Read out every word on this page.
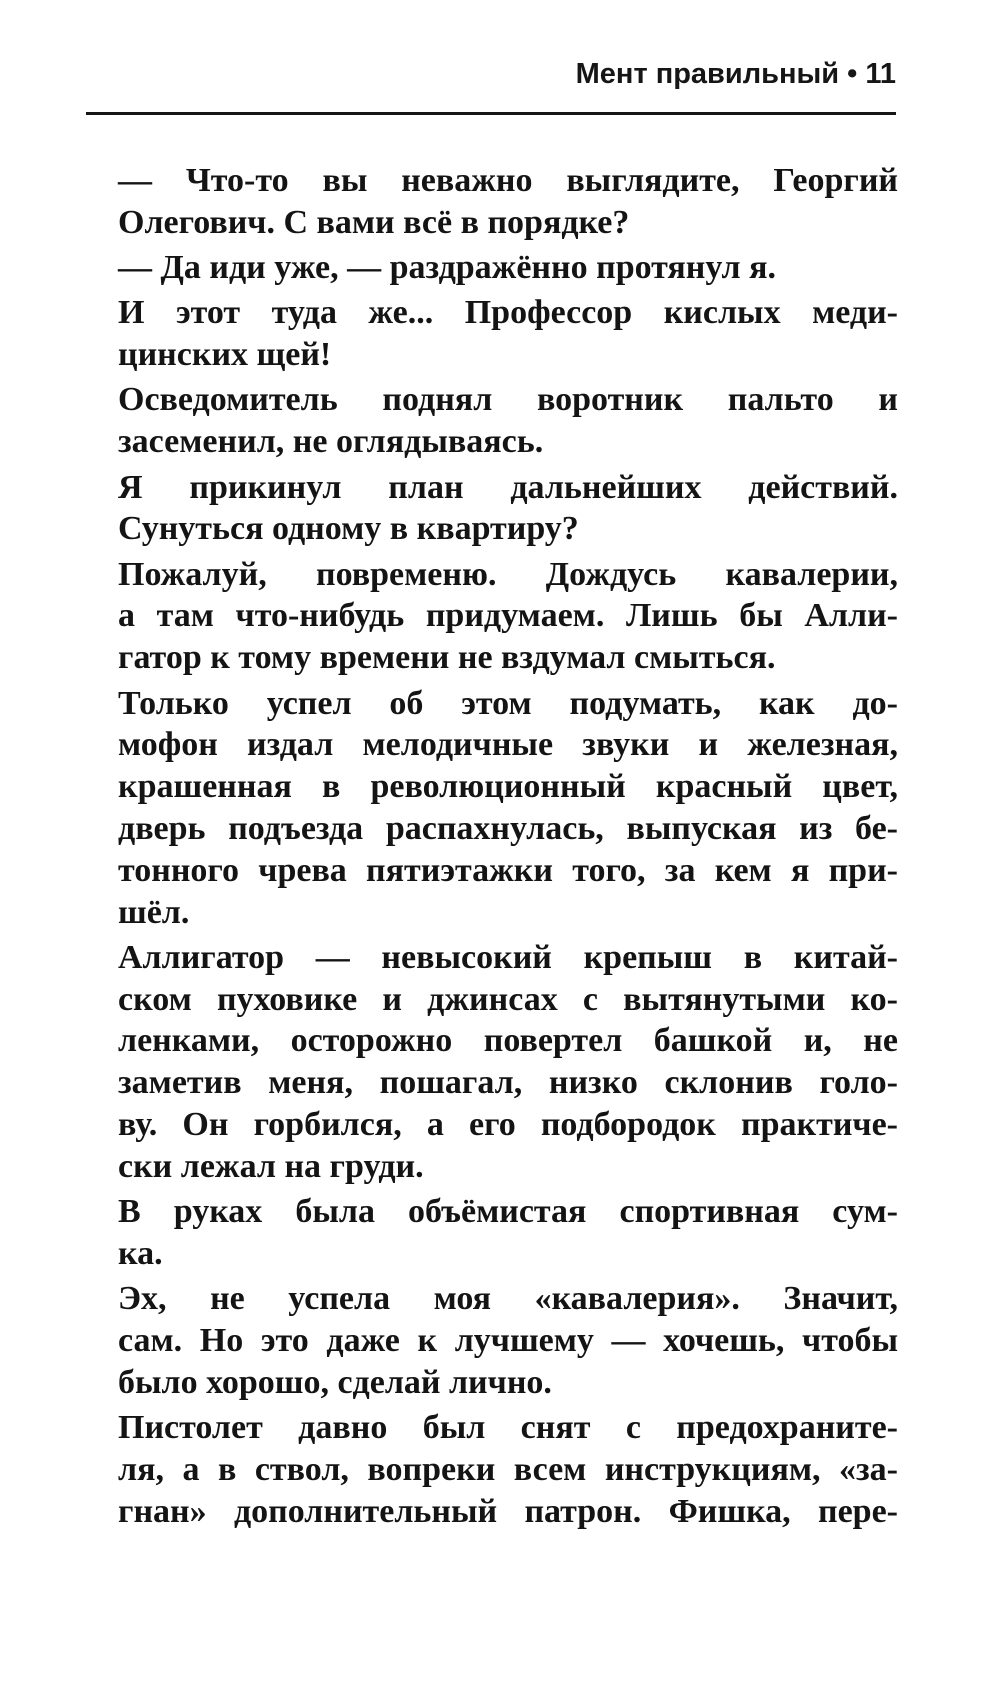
Мент правильный • 11
— Что-то вы неважно выглядите, Георгий
Олегович. С вами всё в порядке?
— Да иди уже, — раздражённо протянул я.
И этот туда же... Профессор кислых меди-
цинских щей!
Осведомитель поднял воротник пальто и
засеменил, не оглядываясь.
Я прикинул план дальнейших действий.
Сунуться одному в квартиру?
Пожалуй, повременю. Дождусь кавалерии,
а там что-нибудь придумаем. Лишь бы Алли-
гатор к тому времени не вздумал смыться.
Только успел об этом подумать, как до-
мофон издал мелодичные звуки и железная,
крашенная в революционный красный цвет,
дверь подъезда распахнулась, выпуская из бе-
тонного чрева пятиэтажки того, за кем я при-
шёл.
Аллигатор — невысокий крепыш в китай-
ском пуховике и джинсах с вытянутыми ко-
ленками, осторожно повертел башкой и, не
заметив меня, пошагал, низко склонив голо-
ву. Он горбился, а его подбородок практиче-
ски лежал на груди.
В руках была объёмистая спортивная сум-
ка.
Эх, не успела моя «кавалерия». Значит,
сам. Но это даже к лучшему — хочешь, чтобы
было хорошо, сделай лично.
Пистолет давно был снят с предохраните-
ля, а в ствол, вопреки всем инструкциям, «за-
гнан» дополнительный патрон. Фишка, пере-
